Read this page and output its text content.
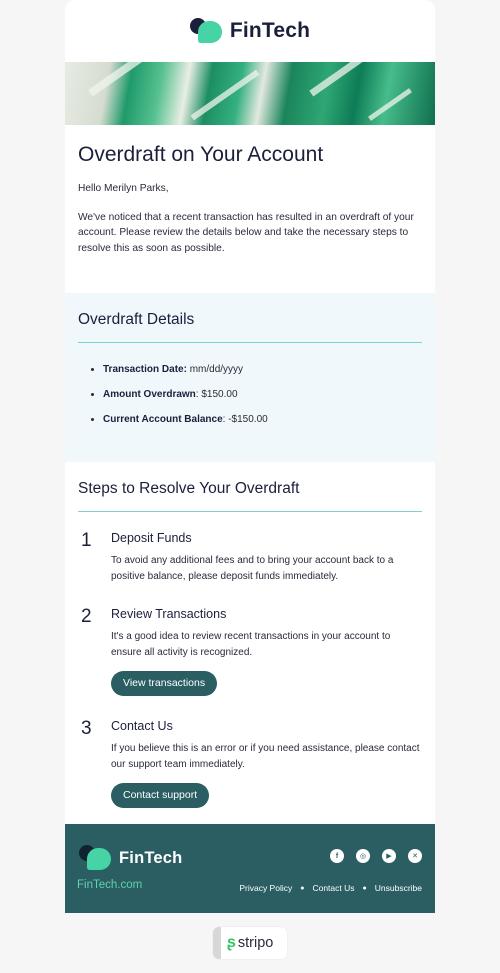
FinTech
Overdraft on Your Account

Hello Merilyn Parks,

We've noticed that a recent transaction has resulted in an overdraft of your account. Please review the details below and take the necessary steps to resolve this as soon as possible.

Overdraft Details
• Transaction Date: mm/dd/yyyy
• Amount Overdrawn: $150.00
• Current Account Balance: -$150.00
Steps to Resolve Your Overdraft
1	Deposit Funds

To avoid any additional fees and to bring your account back to a positive balance, please deposit funds immediately.

2	Review Transactions

It's a good idea to review recent transactions in your account to ensure all activity is recognized.

View transactions
3	Contact Us

If you believe this is an error or if you need assistance, please contact our support team immediately.

Contact support
FinTech
FinTech.com
f	◎	▶	✕
Privacy Policy ● Contact Us ● Unsubscribe
ʂ stripo
